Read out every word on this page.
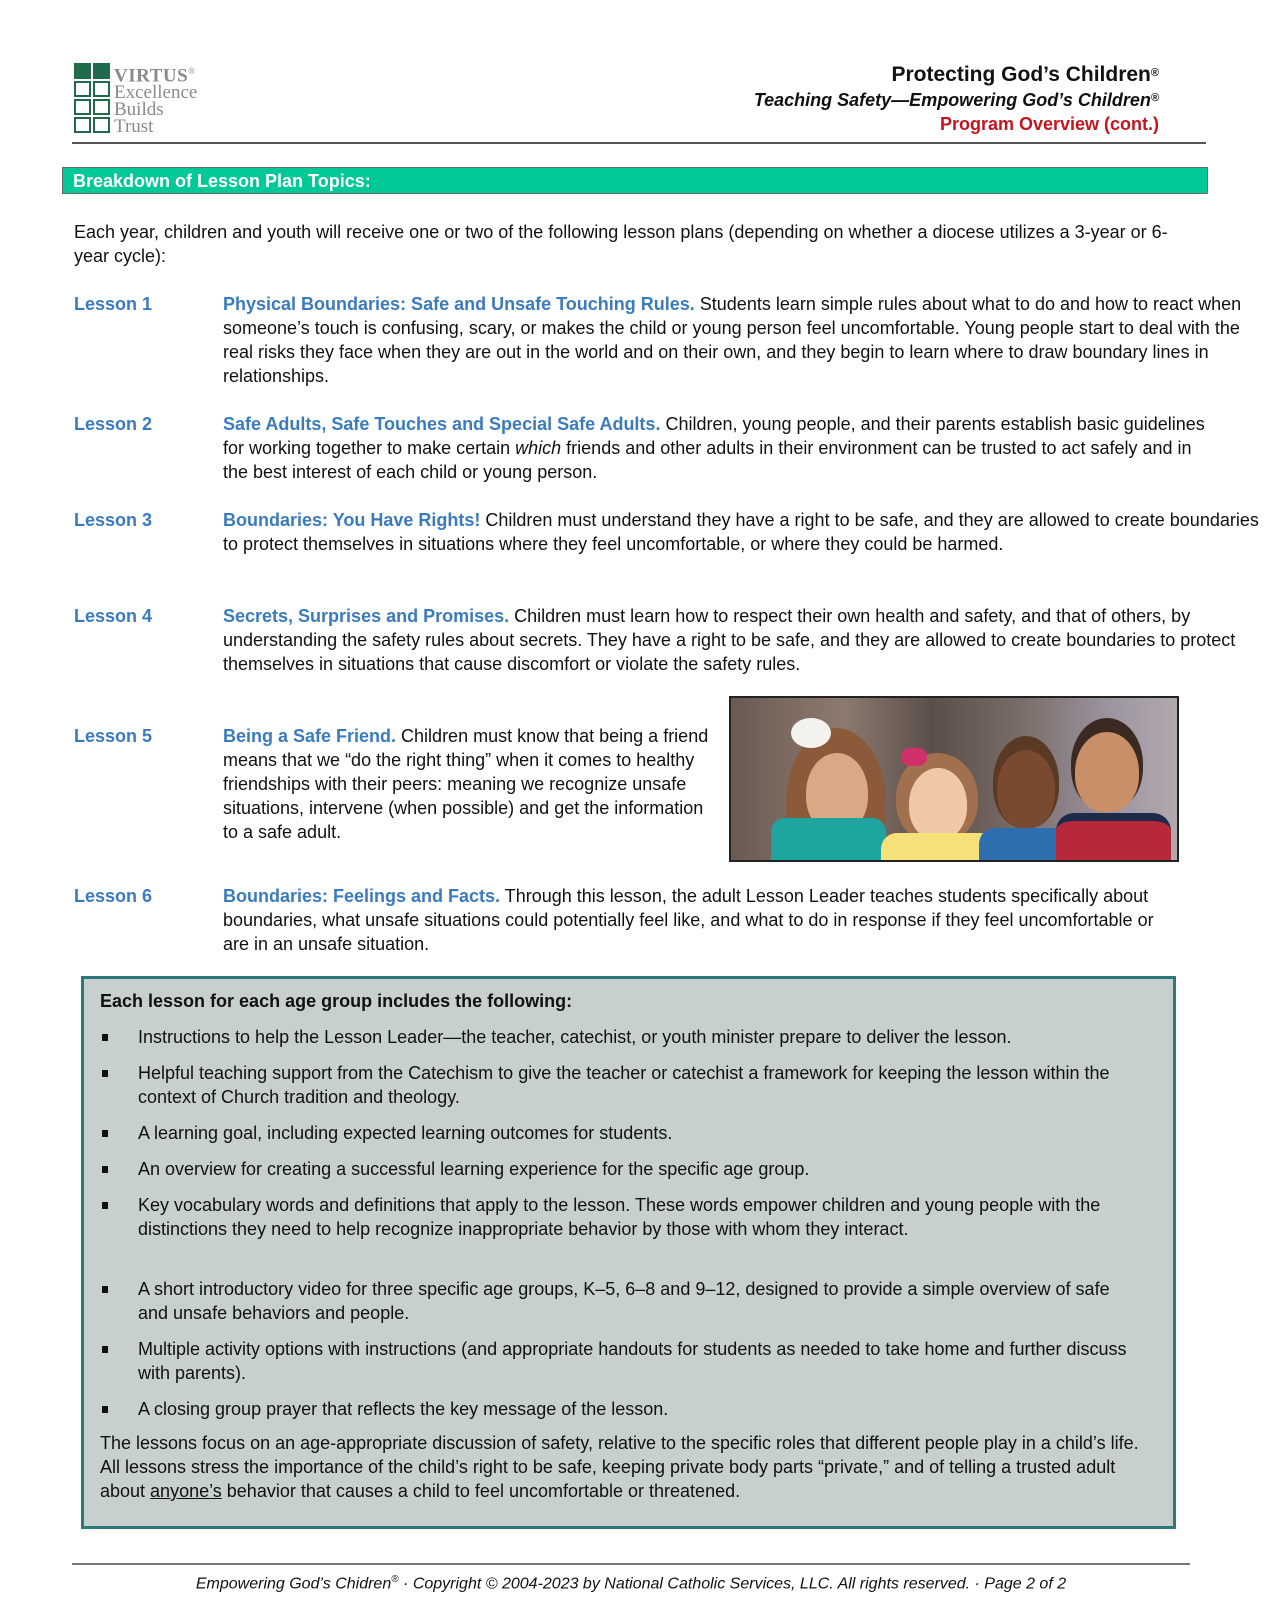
VIRTUS®
Excellence
Builds
Trust
Protecting God’s Children®
Teaching Safety—Empowering God’s Children®
Program Overview (cont.)
Breakdown of Lesson Plan Topics:
Each year, children and youth will receive one or two of the following lesson plans (depending on whether a diocese utilizes a 3-year or 6-year cycle):
Lesson 1	Physical Boundaries: Safe and Unsafe Touching Rules. Students learn simple rules about what to do and how to react when someone’s touch is confusing, scary, or makes the child or young person feel uncomfortable. Young people start to deal with the real risks they face when they are out in the world and on their own, and they begin to learn where to draw boundary lines in relationships.
Lesson 2	Safe Adults, Safe Touches and Special Safe Adults. Children, young people, and their parents establish basic guidelines for working together to make certain which friends and other adults in their environment can be trusted to act safely and in the best interest of each child or young person.
Lesson 3	Boundaries: You Have Rights! Children must understand they have a right to be safe, and they are allowed to create boundaries to protect themselves in situations where they feel uncomfortable, or where they could be harmed.
Lesson 4	Secrets, Surprises and Promises. Children must learn how to respect their own health and safety, and that of others, by understanding the safety rules about secrets. They have a right to be safe, and they are allowed to create boundaries to protect themselves in situations that cause discomfort or violate the safety rules.
Lesson 5	Being a Safe Friend. Children must know that being a friend means that we “do the right thing” when it comes to healthy friendships with their peers: meaning we recognize unsafe situations, intervene (when possible) and get the information to a safe adult.
Lesson 6	Boundaries: Feelings and Facts. Through this lesson, the adult Lesson Leader teaches students specifically about boundaries, what unsafe situations could potentially feel like, and what to do in response if they feel uncomfortable or are in an unsafe situation.
Each lesson for each age group includes the following:
Instructions to help the Lesson Leader—the teacher, catechist, or youth minister prepare to deliver the lesson.
Helpful teaching support from the Catechism to give the teacher or catechist a framework for keeping the lesson within the context of Church tradition and theology.
A learning goal, including expected learning outcomes for students.
An overview for creating a successful learning experience for the specific age group.
Key vocabulary words and definitions that apply to the lesson. These words empower children and young people with the distinctions they need to help recognize inappropriate behavior by those with whom they interact.
A short introductory video for three specific age groups, K–5, 6–8 and 9–12, designed to provide a simple overview of safe and unsafe behaviors and people.
Multiple activity options with instructions (and appropriate handouts for students as needed to take home and further discuss with parents).
A closing group prayer that reflects the key message of the lesson.
The lessons focus on an age-appropriate discussion of safety, relative to the specific roles that different people play in a child’s life. All lessons stress the importance of the child’s right to be safe, keeping private body parts “private,” and of telling a trusted adult about anyone’s behavior that causes a child to feel uncomfortable or threatened.
Empowering God’s Chidren® · Copyright © 2004-2023 by National Catholic Services, LLC. All rights reserved. · Page 2 of 2
